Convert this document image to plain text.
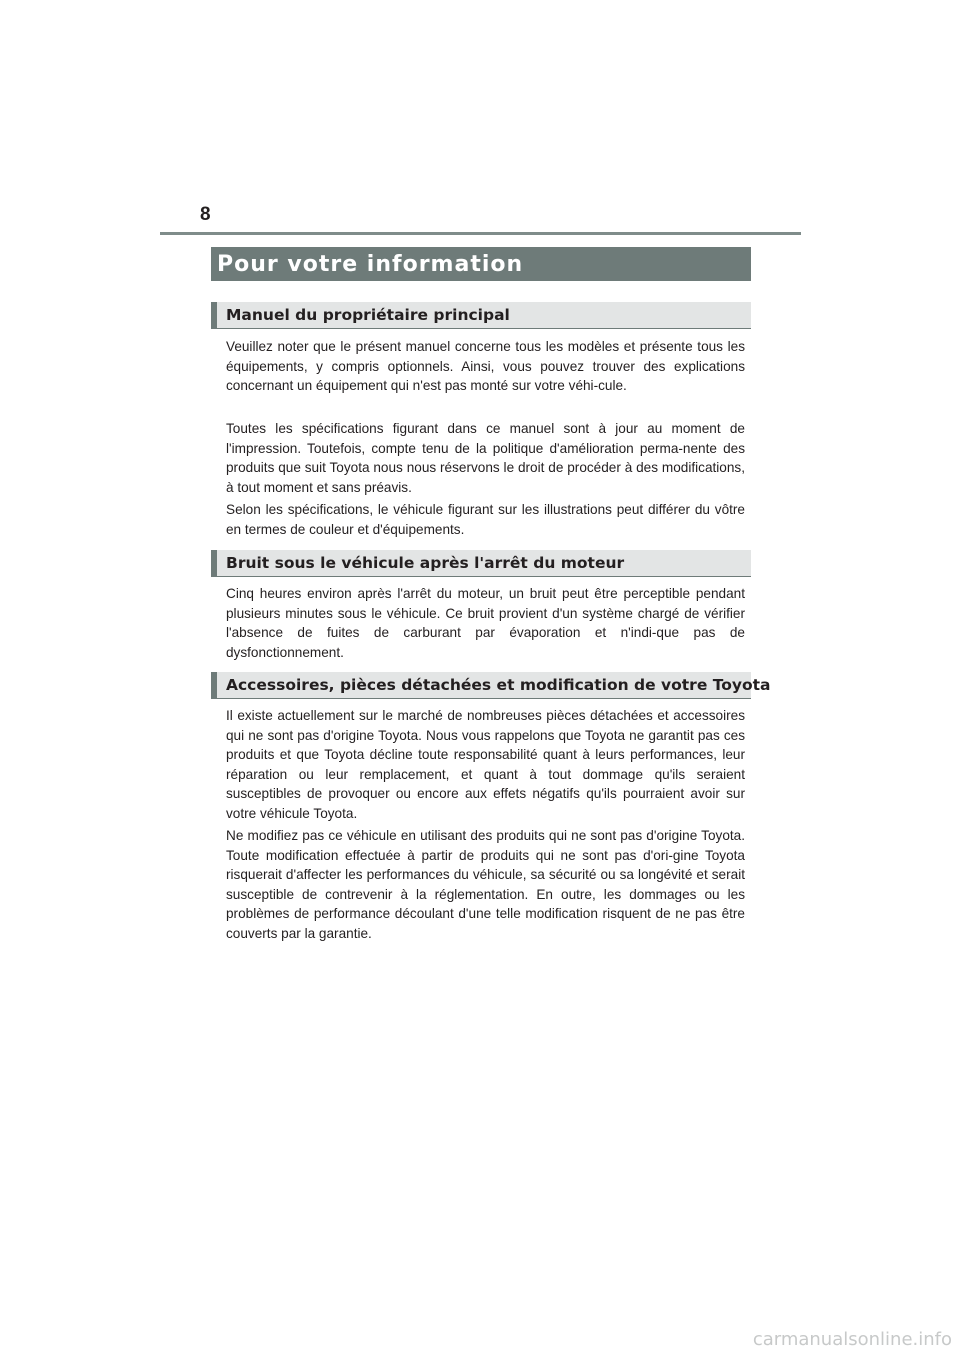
8
Pour votre information
Manuel du propriétaire principal

Veuillez noter que le présent manuel concerne tous les modèles et présente tous les équipements, y compris optionnels. Ainsi, vous pouvez trouver des explications concernant un équipement qui n'est pas monté sur votre véhi-cule.

Toutes les spécifications figurant dans ce manuel sont à jour au moment de l'impression. Toutefois, compte tenu de la politique d'amélioration perma-nente des produits que suit Toyota nous nous réservons le droit de procéder à des modifications, à tout moment et sans préavis.

Selon les spécifications, le véhicule figurant sur les illustrations peut différer du vôtre en termes de couleur et d'équipements.

Bruit sous le véhicule après l'arrêt du moteur

Cinq heures environ après l'arrêt du moteur, un bruit peut être perceptible pendant plusieurs minutes sous le véhicule. Ce bruit provient d'un système chargé de vérifier l'absence de fuites de carburant par évaporation et n'indi-que pas de dysfonctionnement.

Accessoires, pièces détachées et modification de votre Toyota

Il existe actuellement sur le marché de nombreuses pièces détachées et accessoires qui ne sont pas d'origine Toyota. Nous vous rappelons que Toyota ne garantit pas ces produits et que Toyota décline toute responsabilité quant à leurs performances, leur réparation ou leur remplacement, et quant à tout dommage qu'ils seraient susceptibles de provoquer ou encore aux effets négatifs qu'ils pourraient avoir sur votre véhicule Toyota.

Ne modifiez pas ce véhicule en utilisant des produits qui ne sont pas d'origine Toyota. Toute modification effectuée à partir de produits qui ne sont pas d'ori-gine Toyota risquerait d'affecter les performances du véhicule, sa sécurité ou sa longévité et serait susceptible de contrevenir à la réglementation. En outre, les dommages ou les problèmes de performance découlant d'une telle modification risquent de ne pas être couverts par la garantie.

carmanualsonline.info
